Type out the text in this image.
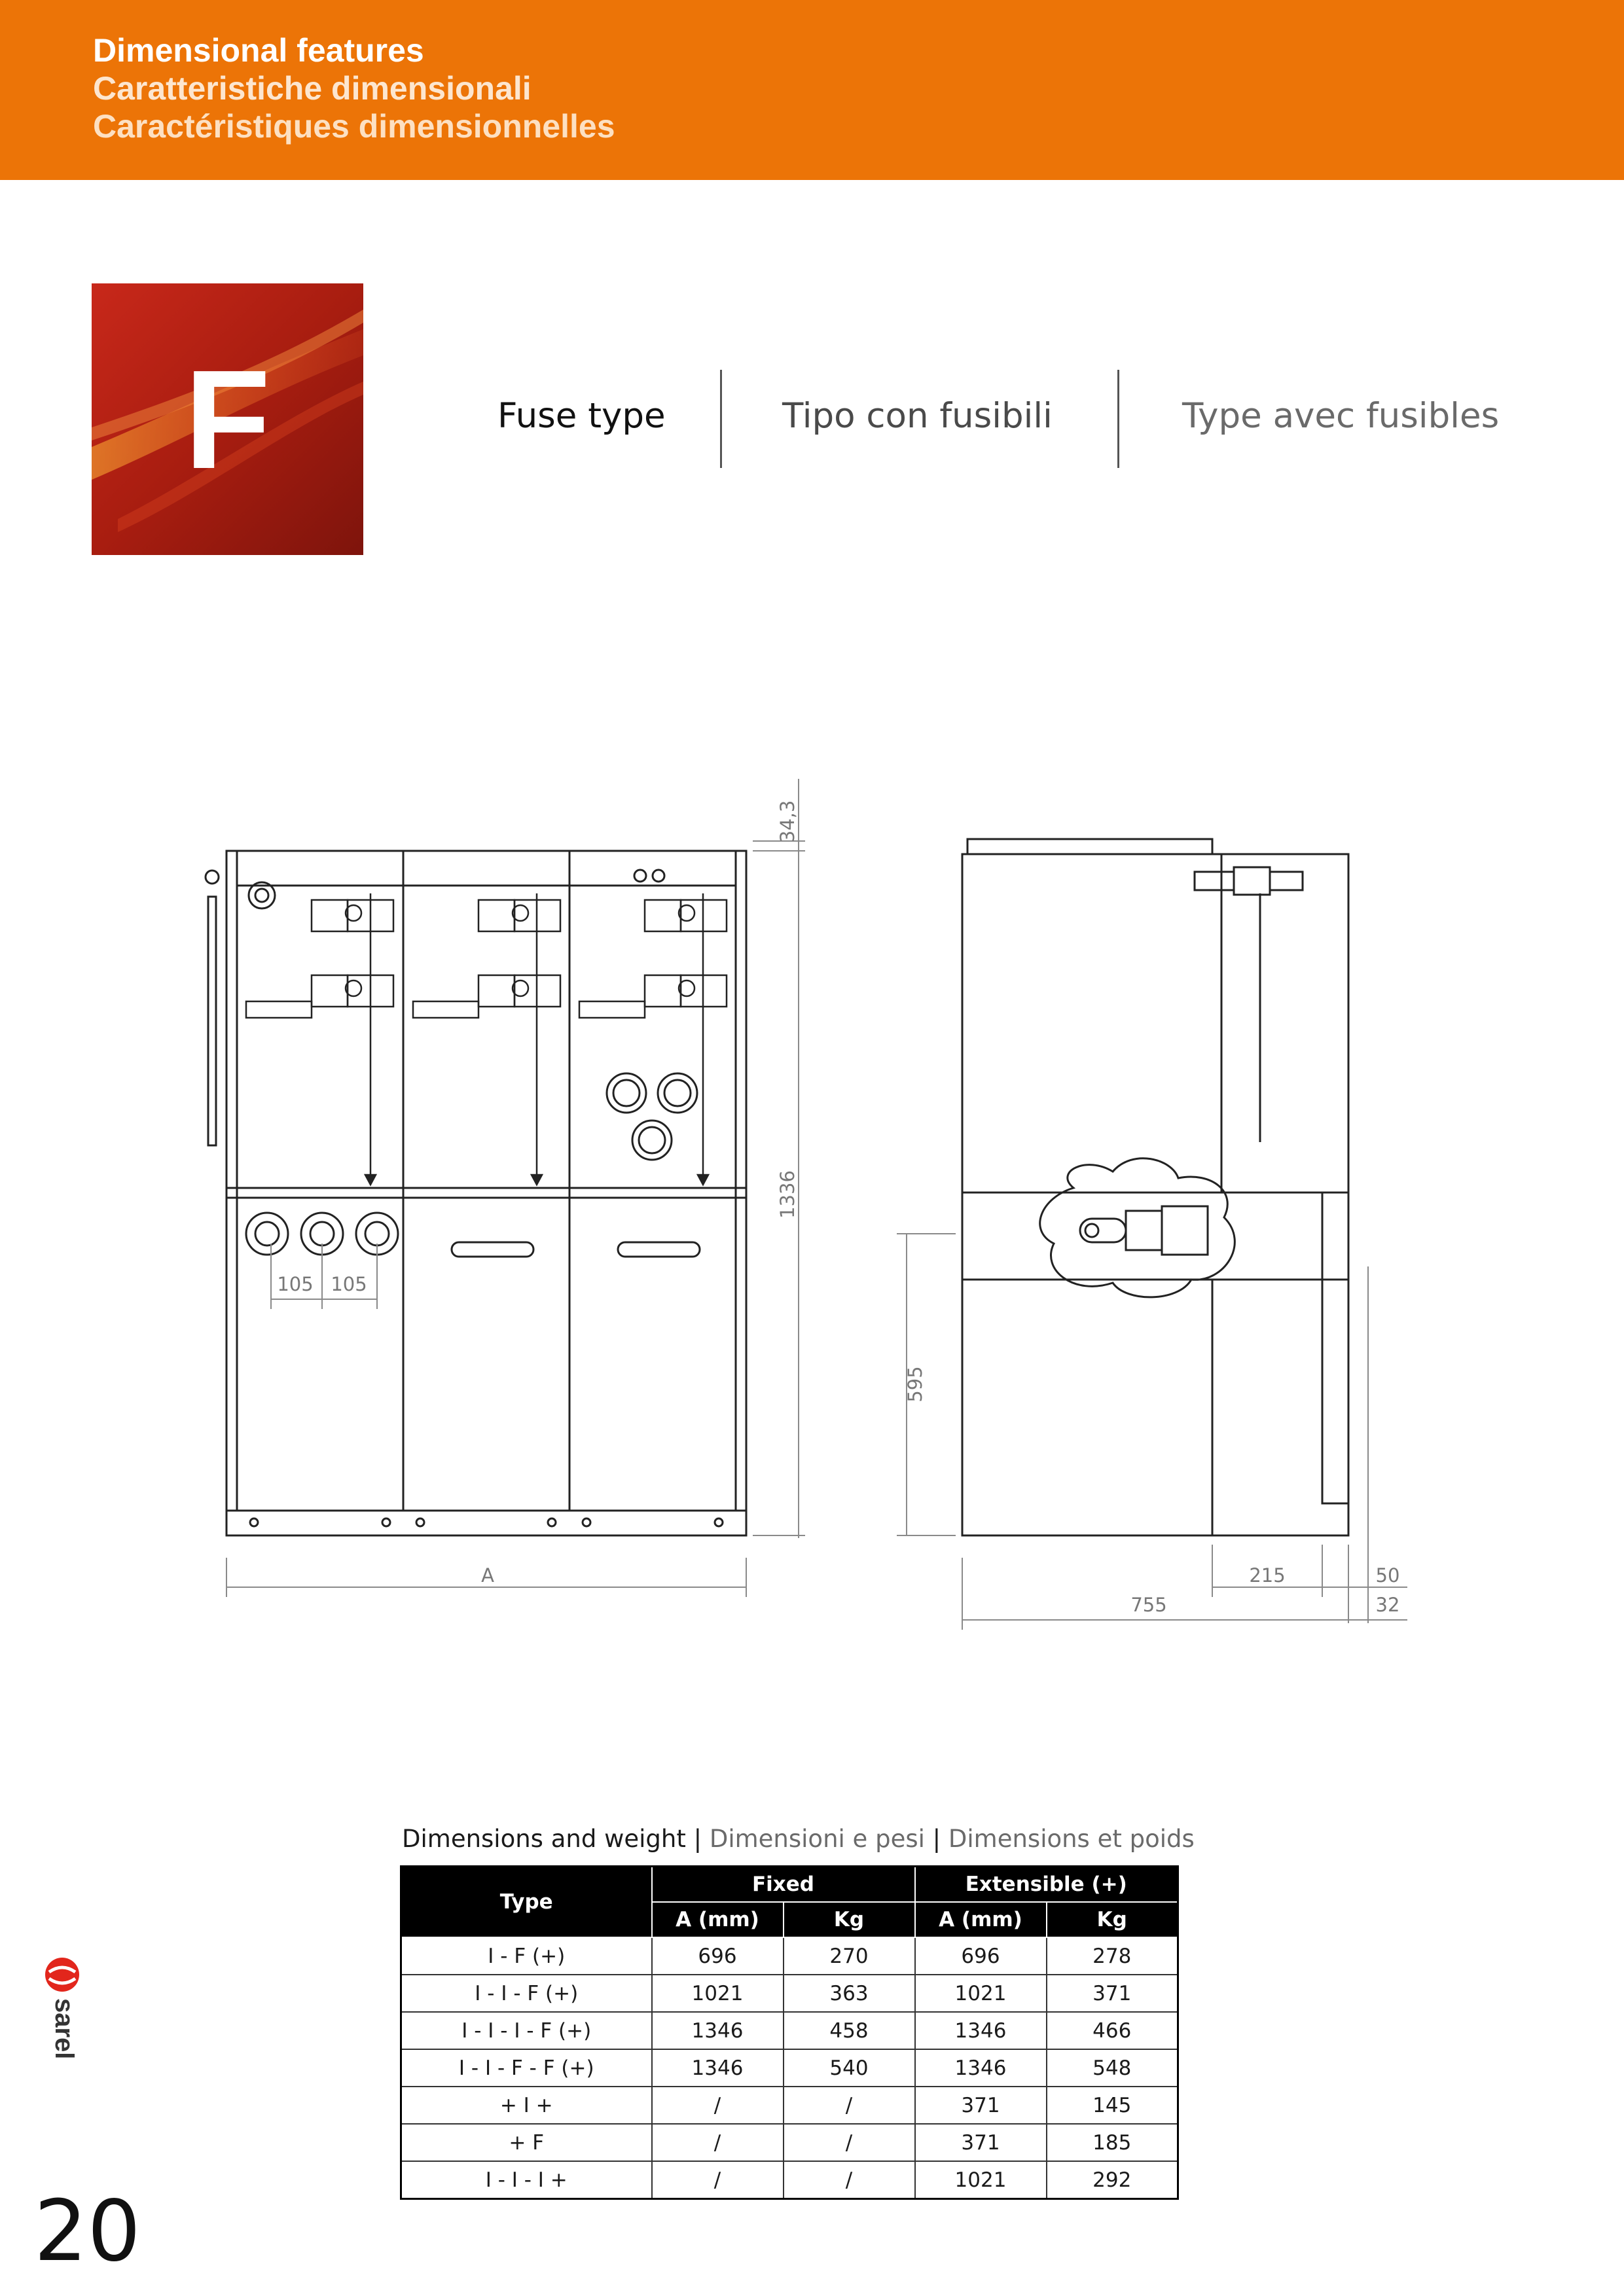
Dimensional features
Caratteristiche dimensionali
Caractéristiques dimensionnelles
F	Fuse type	Tipo con fusibili	Type avec fusibles
34,3
1336
105 105
A
595
215	50
755	32
Dimensions and weight | Dimensioni e pesi | Dimensions et poids
Type	Fixed		Extensible (+)	
	A (mm)	Kg	A (mm)	Kg
I - F (+)	696	270	696	278
I - I - F (+)	1021	363	1021	371
I - I - I - F (+)	1346	458	1346	466
I - I - F - F (+)	1346	540	1346	548
+ I +	/	/	371	145
+ F	/	/	371	185
I - I - I +	/	/	1021	292
sarel
20
